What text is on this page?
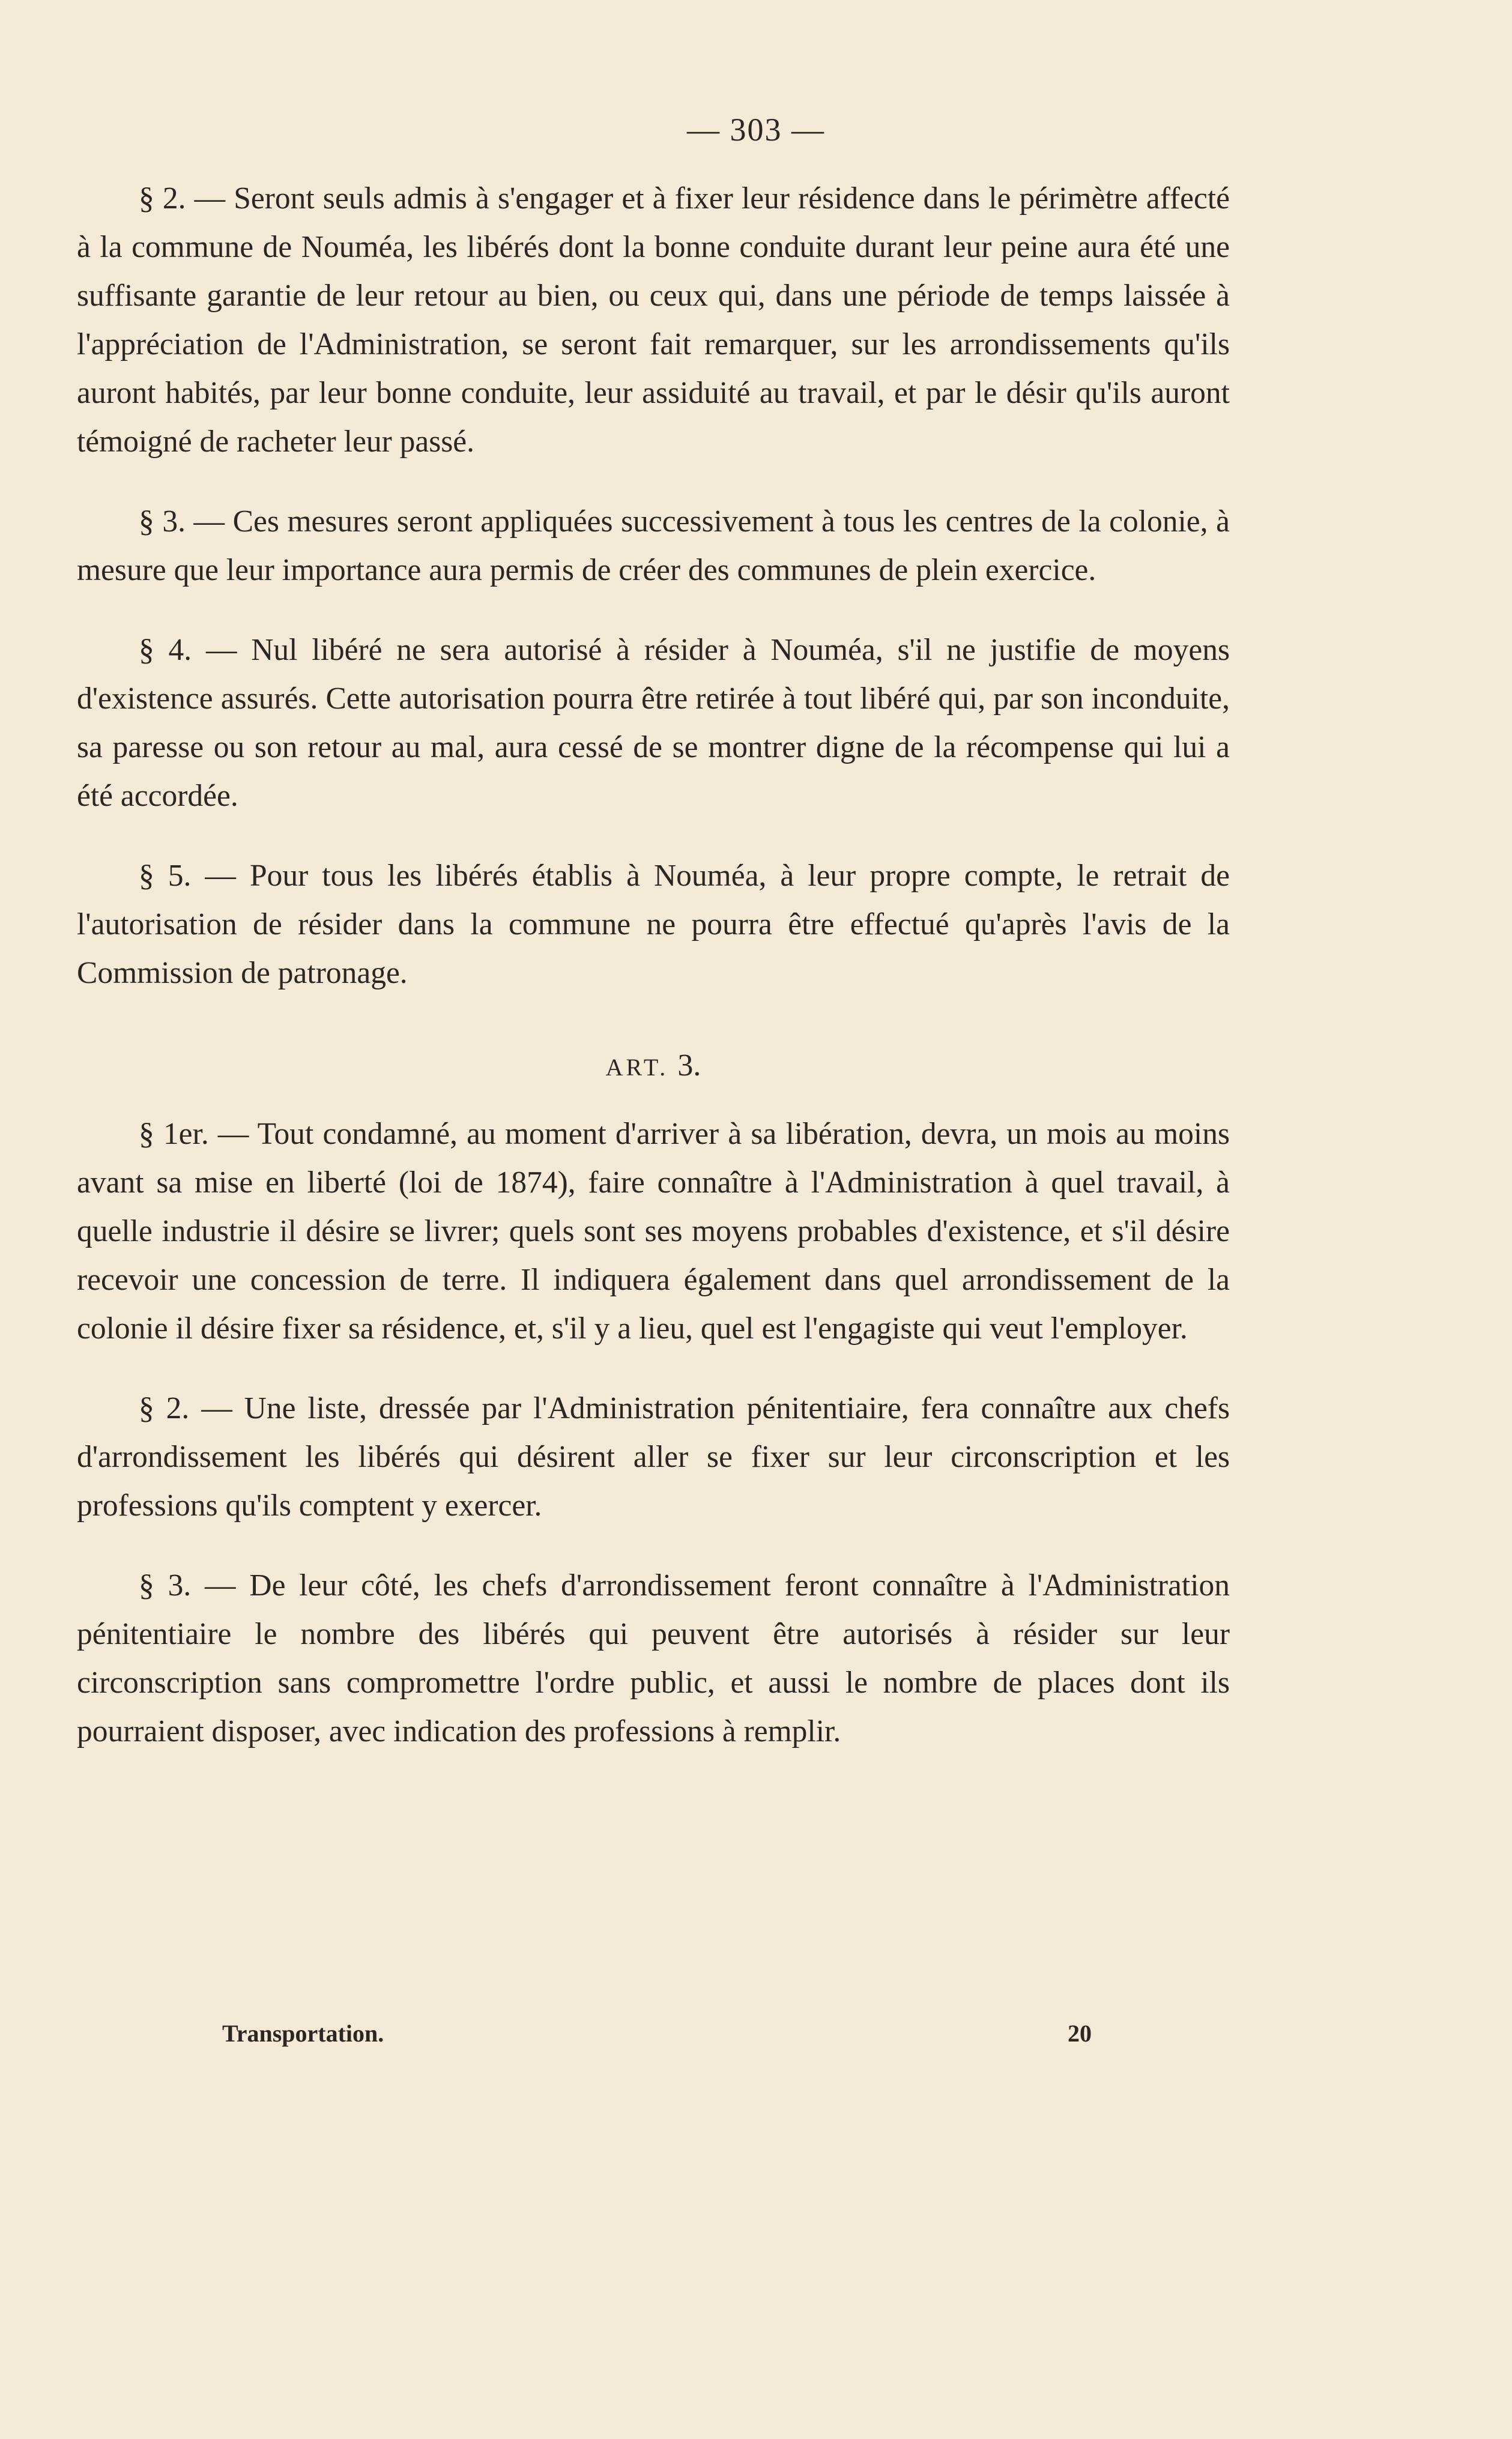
— 303 —

§ 2. — Seront seuls admis à s'engager et à fixer leur résidence dans le périmètre affecté à la commune de Nouméa, les libérés dont la bonne conduite durant leur peine aura été une suffisante garantie de leur retour au bien, ou ceux qui, dans une période de temps laissée à l'appréciation de l'Administration, se seront fait remarquer, sur les arrondissements qu'ils auront habités, par leur bonne conduite, leur assiduité au travail, et par le désir qu'ils auront témoigné de racheter leur passé.

§ 3. — Ces mesures seront appliquées successivement à tous les centres de la colonie, à mesure que leur importance aura permis de créer des communes de plein exercice.

§ 4. — Nul libéré ne sera autorisé à résider à Nouméa, s'il ne justifie de moyens d'existence assurés. Cette autorisation pourra être retirée à tout libéré qui, par son inconduite, sa paresse ou son retour au mal, aura cessé de se montrer digne de la récompense qui lui a été accordée.

§ 5. — Pour tous les libérés établis à Nouméa, à leur propre compte, le retrait de l'autorisation de résider dans la commune ne pourra être effectué qu'après l'avis de la Commission de patronage.

ART. 3.

§ 1er. — Tout condamné, au moment d'arriver à sa libération, devra, un mois au moins avant sa mise en liberté (loi de 1874), faire connaître à l'Administration à quel travail, à quelle industrie il désire se livrer; quels sont ses moyens probables d'existence, et s'il désire recevoir une concession de terre. Il indiquera également dans quel arrondissement de la colonie il désire fixer sa résidence, et, s'il y a lieu, quel est l'engagiste qui veut l'employer.

§ 2. — Une liste, dressée par l'Administration pénitentiaire, fera connaître aux chefs d'arrondissement les libérés qui désirent aller se fixer sur leur circonscription et les professions qu'ils comptent y exercer.

§ 3. — De leur côté, les chefs d'arrondissement feront connaître à l'Administration pénitentiaire le nombre des libérés qui peuvent être autorisés à résider sur leur circonscription sans compromettre l'ordre public, et aussi le nombre de places dont ils pourraient disposer, avec indication des professions à remplir.

Transportation.	20
